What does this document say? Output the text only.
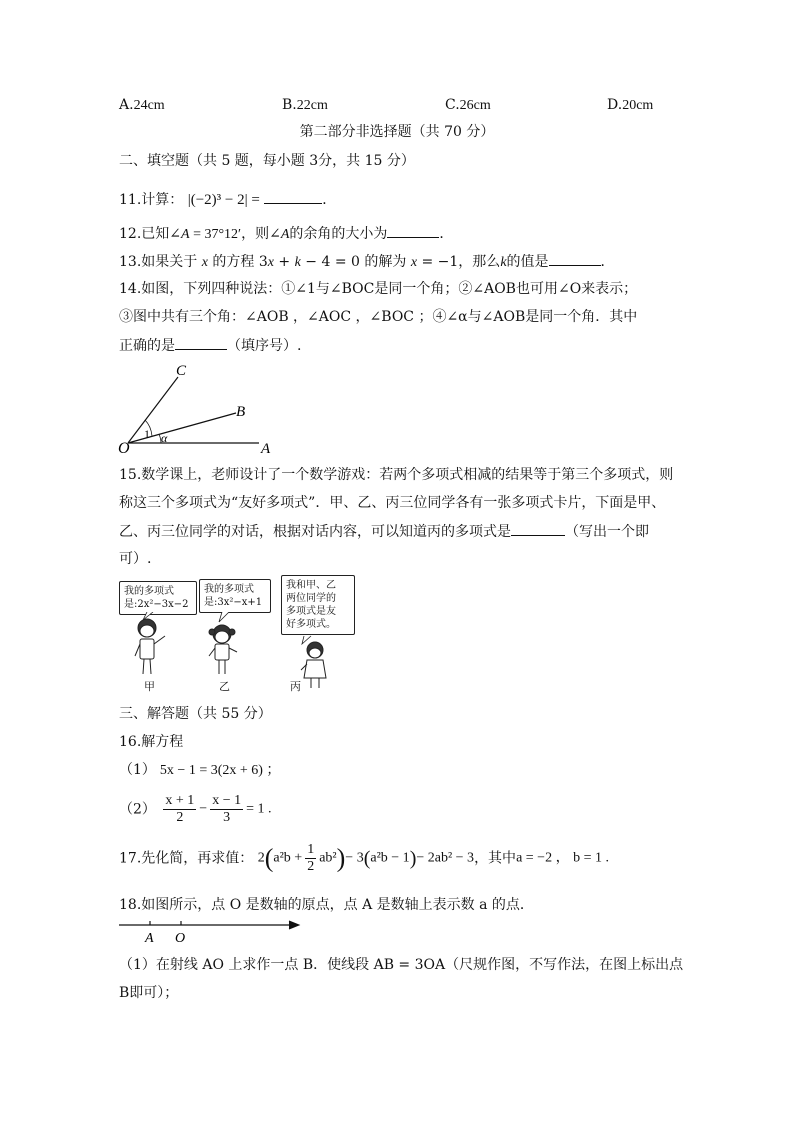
A.24cm	B.22cm	C.26cm	D.20cm
第二部分非选择题（共 70 分）
二、填空题（共 5 题，每小题 3分，共 15 分）
11.计算： |(−2)³ − 2| =	．
12.已知∠A = 37°12′，则∠A的余角的大小为	．
13.如果关于 x 的方程 3x + k − 4 = 0 的解为 x = −1，那么k的值是	．
14.如图，下列四种说法：①∠1与∠BOC是同一个角；②∠AOB也可用∠O来表示；
③图中共有三个角：∠AOB ，∠AOC ，∠BOC ；④∠α与∠AOB是同一个角．其中
正确的是	（填序号）.
C
B
O	A
1 α
15.数学课上，老师设计了一个数学游戏：若两个多项式相减的结果等于第三个多项式，则
称这三个多项式为“友好多项式”．甲、乙、丙三位同学各有一张多项式卡片，下面是甲、
乙、丙三位同学的对话，根据对话内容，可以知道丙的多项式是	（写出一个即
可）.
我的多项式
是:2x²−3x−2
我的多项式
是:3x²−x+1
我和甲、乙
两位同学的
多项式是友
好多项式。
甲	乙	丙
三、解答题（共 55 分）
16.解方程
（1） 5x − 1 = 3(2x + 6) ；
$(2) \frac{x + 1}{2} - \frac{x - 1}{3} = 1$ .
17.先化简，再求值： $2(a^2b + \frac{1}{2} ab^2)- 3(a^2b - 1)- 2ab^2 - 3$，其中a = −2 ， b = 1 .
18.如图所示，点 O 是数轴的原点，点 A 是数轴上表示数 a 的点．
A O
（1）在射线 AO 上求作一点 B．使线段 AB = 3OA（尺规作图，不写作法，在图上标出点
B即可）；
